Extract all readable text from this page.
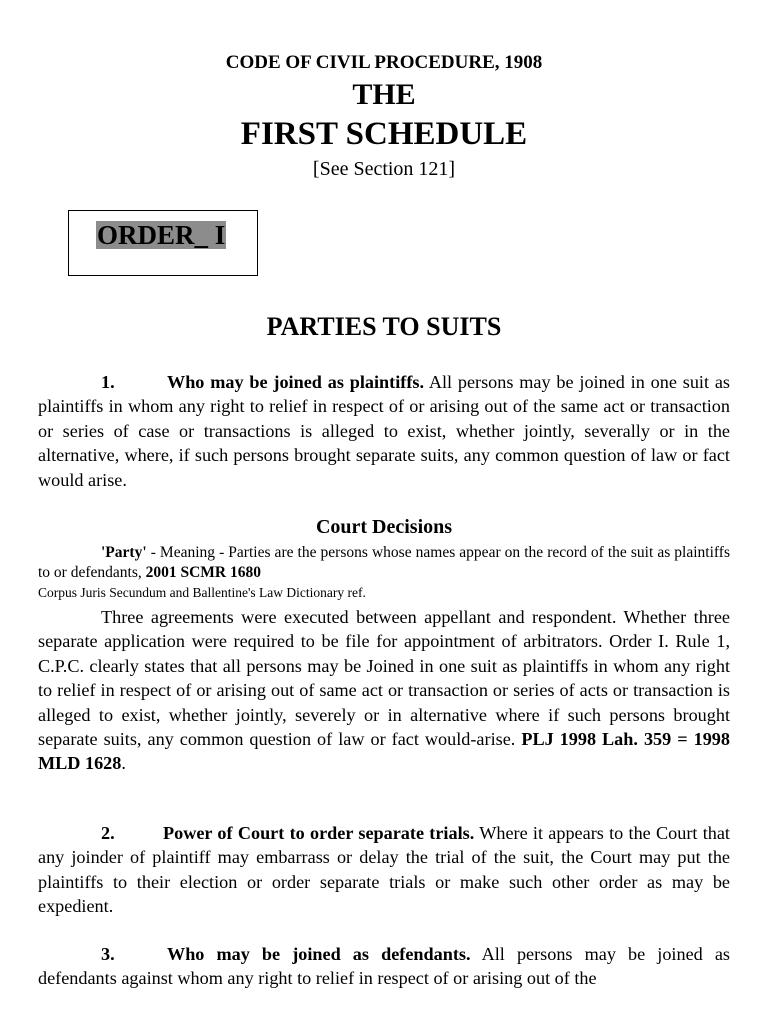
CODE OF CIVIL PROCEDURE, 1908
THE
FIRST SCHEDULE
[See Section 121]
ORDER_ I
PARTIES TO SUITS

1.	Who may be joined as plaintiffs. All persons may be joined in one suit as plaintiffs in whom any right to relief in respect of or arising out of the same act or transaction or series of case or transactions is alleged to exist, whether jointly, severally or in the alternative, where, if such persons brought separate suits, any common question of law or fact would arise.

Court Decisions

'Party' - Meaning - Parties are the persons whose names appear on the record of the suit as plaintiffs to or defendants, 2001 SCMR 1680

Corpus Juris Secundum and Ballentine's Law Dictionary ref.

Three agreements were executed between appellant and respondent. Whether three separate application were required to be file for appointment of arbitrators. Order I. Rule 1, C.P.C. clearly states that all persons may be Joined in one suit as plaintiffs in whom any right to relief in respect of or arising out of same act or transaction or series of acts or transaction is alleged to exist, whether jointly, severely or in alternative where if such persons brought separate suits, any common question of law or fact would-arise. PLJ 1998 Lah. 359 = 1998 MLD 1628.

2.	Power of Court to order separate trials. Where it appears to the Court that any joinder of plaintiff may embarrass or delay the trial of the suit, the Court may put the plaintiffs to their election or order separate trials or make such other order as may be expedient.

3.	Who may be joined as defendants. All persons may be joined as defendants against whom any right to relief in respect of or arising out of the
